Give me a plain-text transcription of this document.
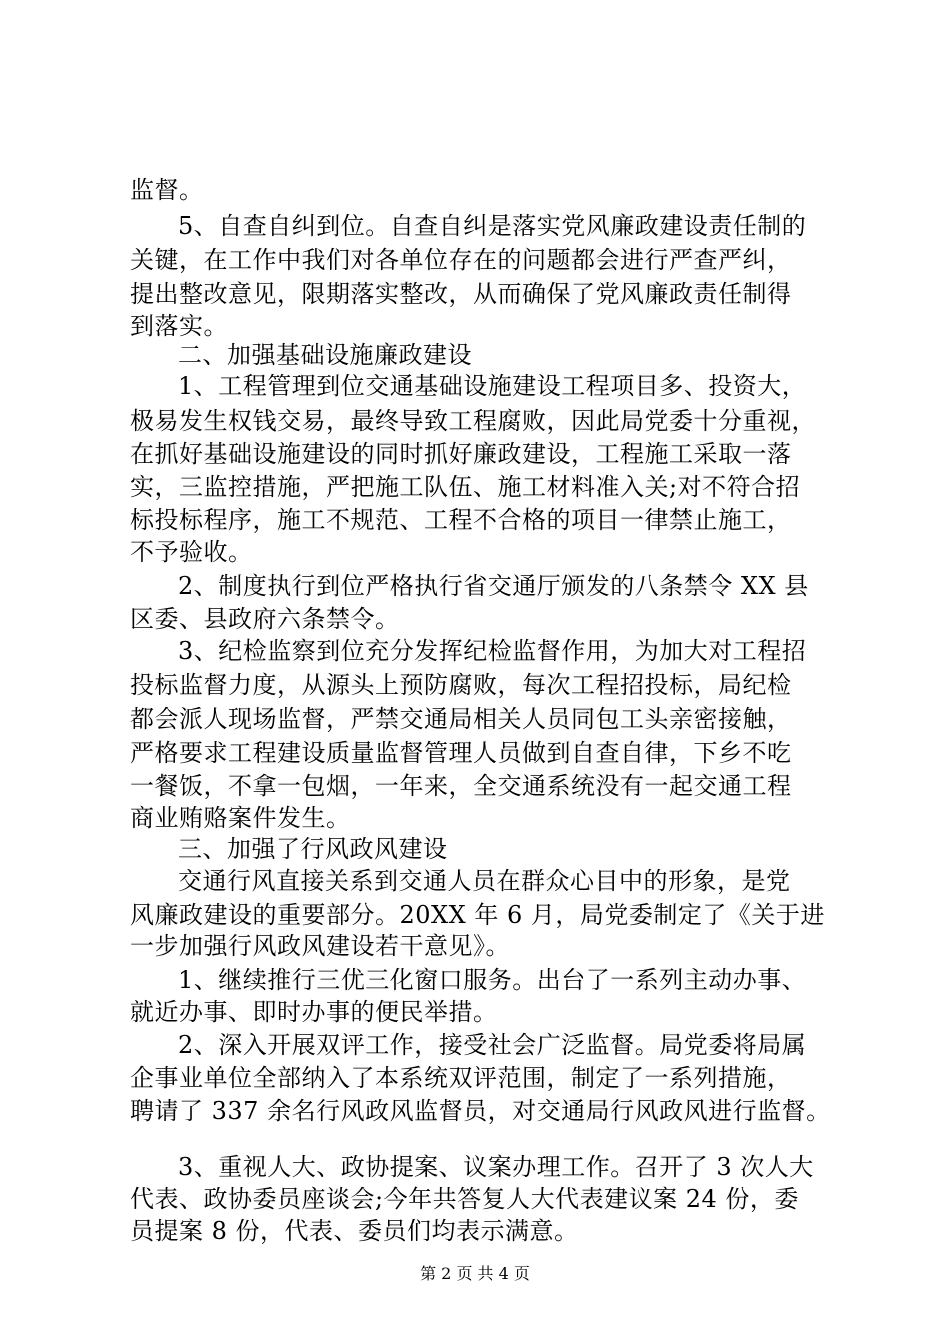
监督。
5、自查自纠到位。自查自纠是落实党风廉政建设责任制的
关键，在工作中我们对各单位存在的问题都会进行严查严纠，
提出整改意见，限期落实整改，从而确保了党风廉政责任制得
到落实。
二、加强基础设施廉政建设
1、工程管理到位交通基础设施建设工程项目多、投资大，
极易发生权钱交易，最终导致工程腐败，因此局党委十分重视，
在抓好基础设施建设的同时抓好廉政建设，工程施工采取一落
实，三监控措施，严把施工队伍、施工材料准入关;对不符合招
标投标程序，施工不规范、工程不合格的项目一律禁止施工，
不予验收。
2、制度执行到位严格执行省交通厅颁发的八条禁令 XX 县
区委、县政府六条禁令。
3、纪检监察到位充分发挥纪检监督作用，为加大对工程招
投标监督力度，从源头上预防腐败，每次工程招投标，局纪检
都会派人现场监督，严禁交通局相关人员同包工头亲密接触，
严格要求工程建设质量监督管理人员做到自查自律，下乡不吃
一餐饭，不拿一包烟，一年来，全交通系统没有一起交通工程
商业贿赂案件发生。
三、加强了行风政风建设
交通行风直接关系到交通人员在群众心目中的形象，是党
风廉政建设的重要部分。20XX 年 6 月，局党委制定了《关于进
一步加强行风政风建设若干意见》。
1、继续推行三优三化窗口服务。出台了一系列主动办事、
就近办事、即时办事的便民举措。
2、深入开展双评工作，接受社会广泛监督。局党委将局属
企事业单位全部纳入了本系统双评范围，制定了一系列措施，
聘请了 337 余名行风政风监督员，对交通局行风政风进行监督。
3、重视人大、政协提案、议案办理工作。召开了 3 次人大
代表、政协委员座谈会;今年共答复人大代表建议案 24 份，委
员提案 8 份，代表、委员们均表示满意。
第 2 页 共 4 页
